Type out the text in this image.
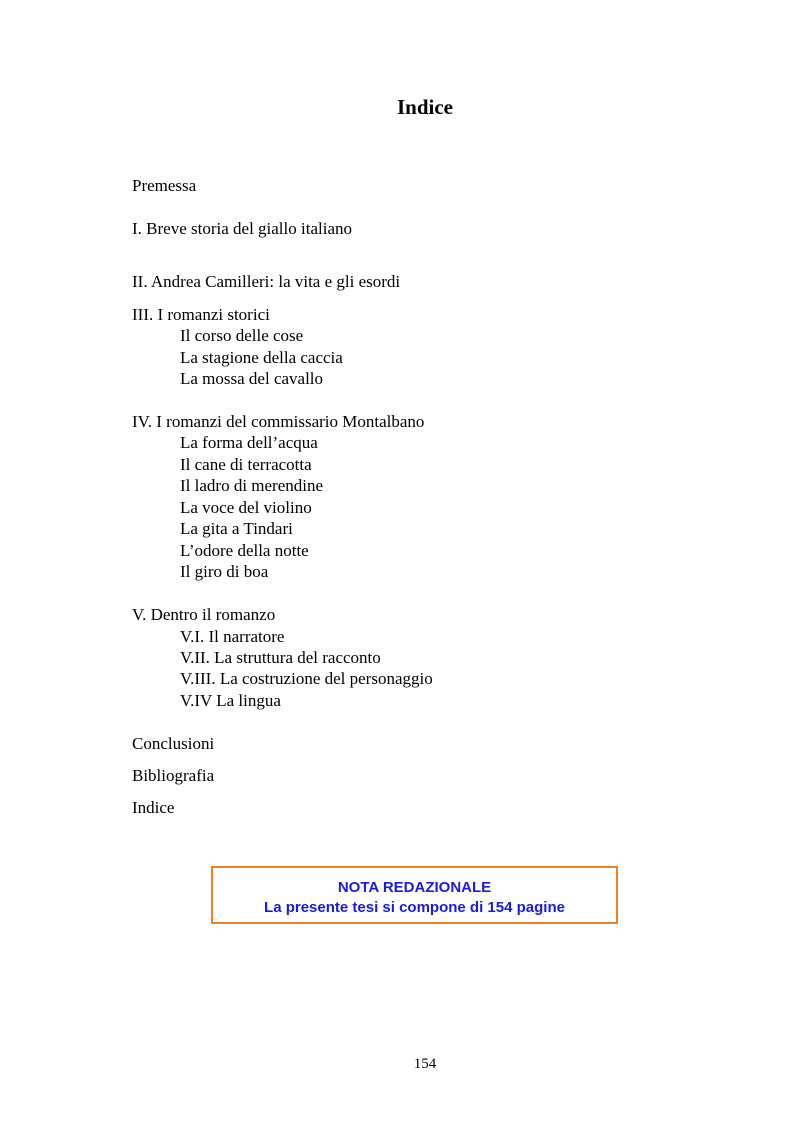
Indice
Premessa
I. Breve storia del giallo italiano
II. Andrea Camilleri: la vita e gli esordi
III. I romanzi storici
Il corso delle cose
La stagione della caccia
La mossa del cavallo
IV. I romanzi del commissario Montalbano
La forma dell’acqua
Il cane di terracotta
Il ladro di merendine
La voce del violino
La gita a Tindari
L’odore della notte
Il giro di boa
V. Dentro il romanzo
V.I. Il narratore
V.II. La struttura del racconto
V.III. La costruzione del personaggio
V.IV La lingua
Conclusioni
Bibliografia
Indice
NOTA REDAZIONALE
La presente tesi si compone di 154 pagine
154
